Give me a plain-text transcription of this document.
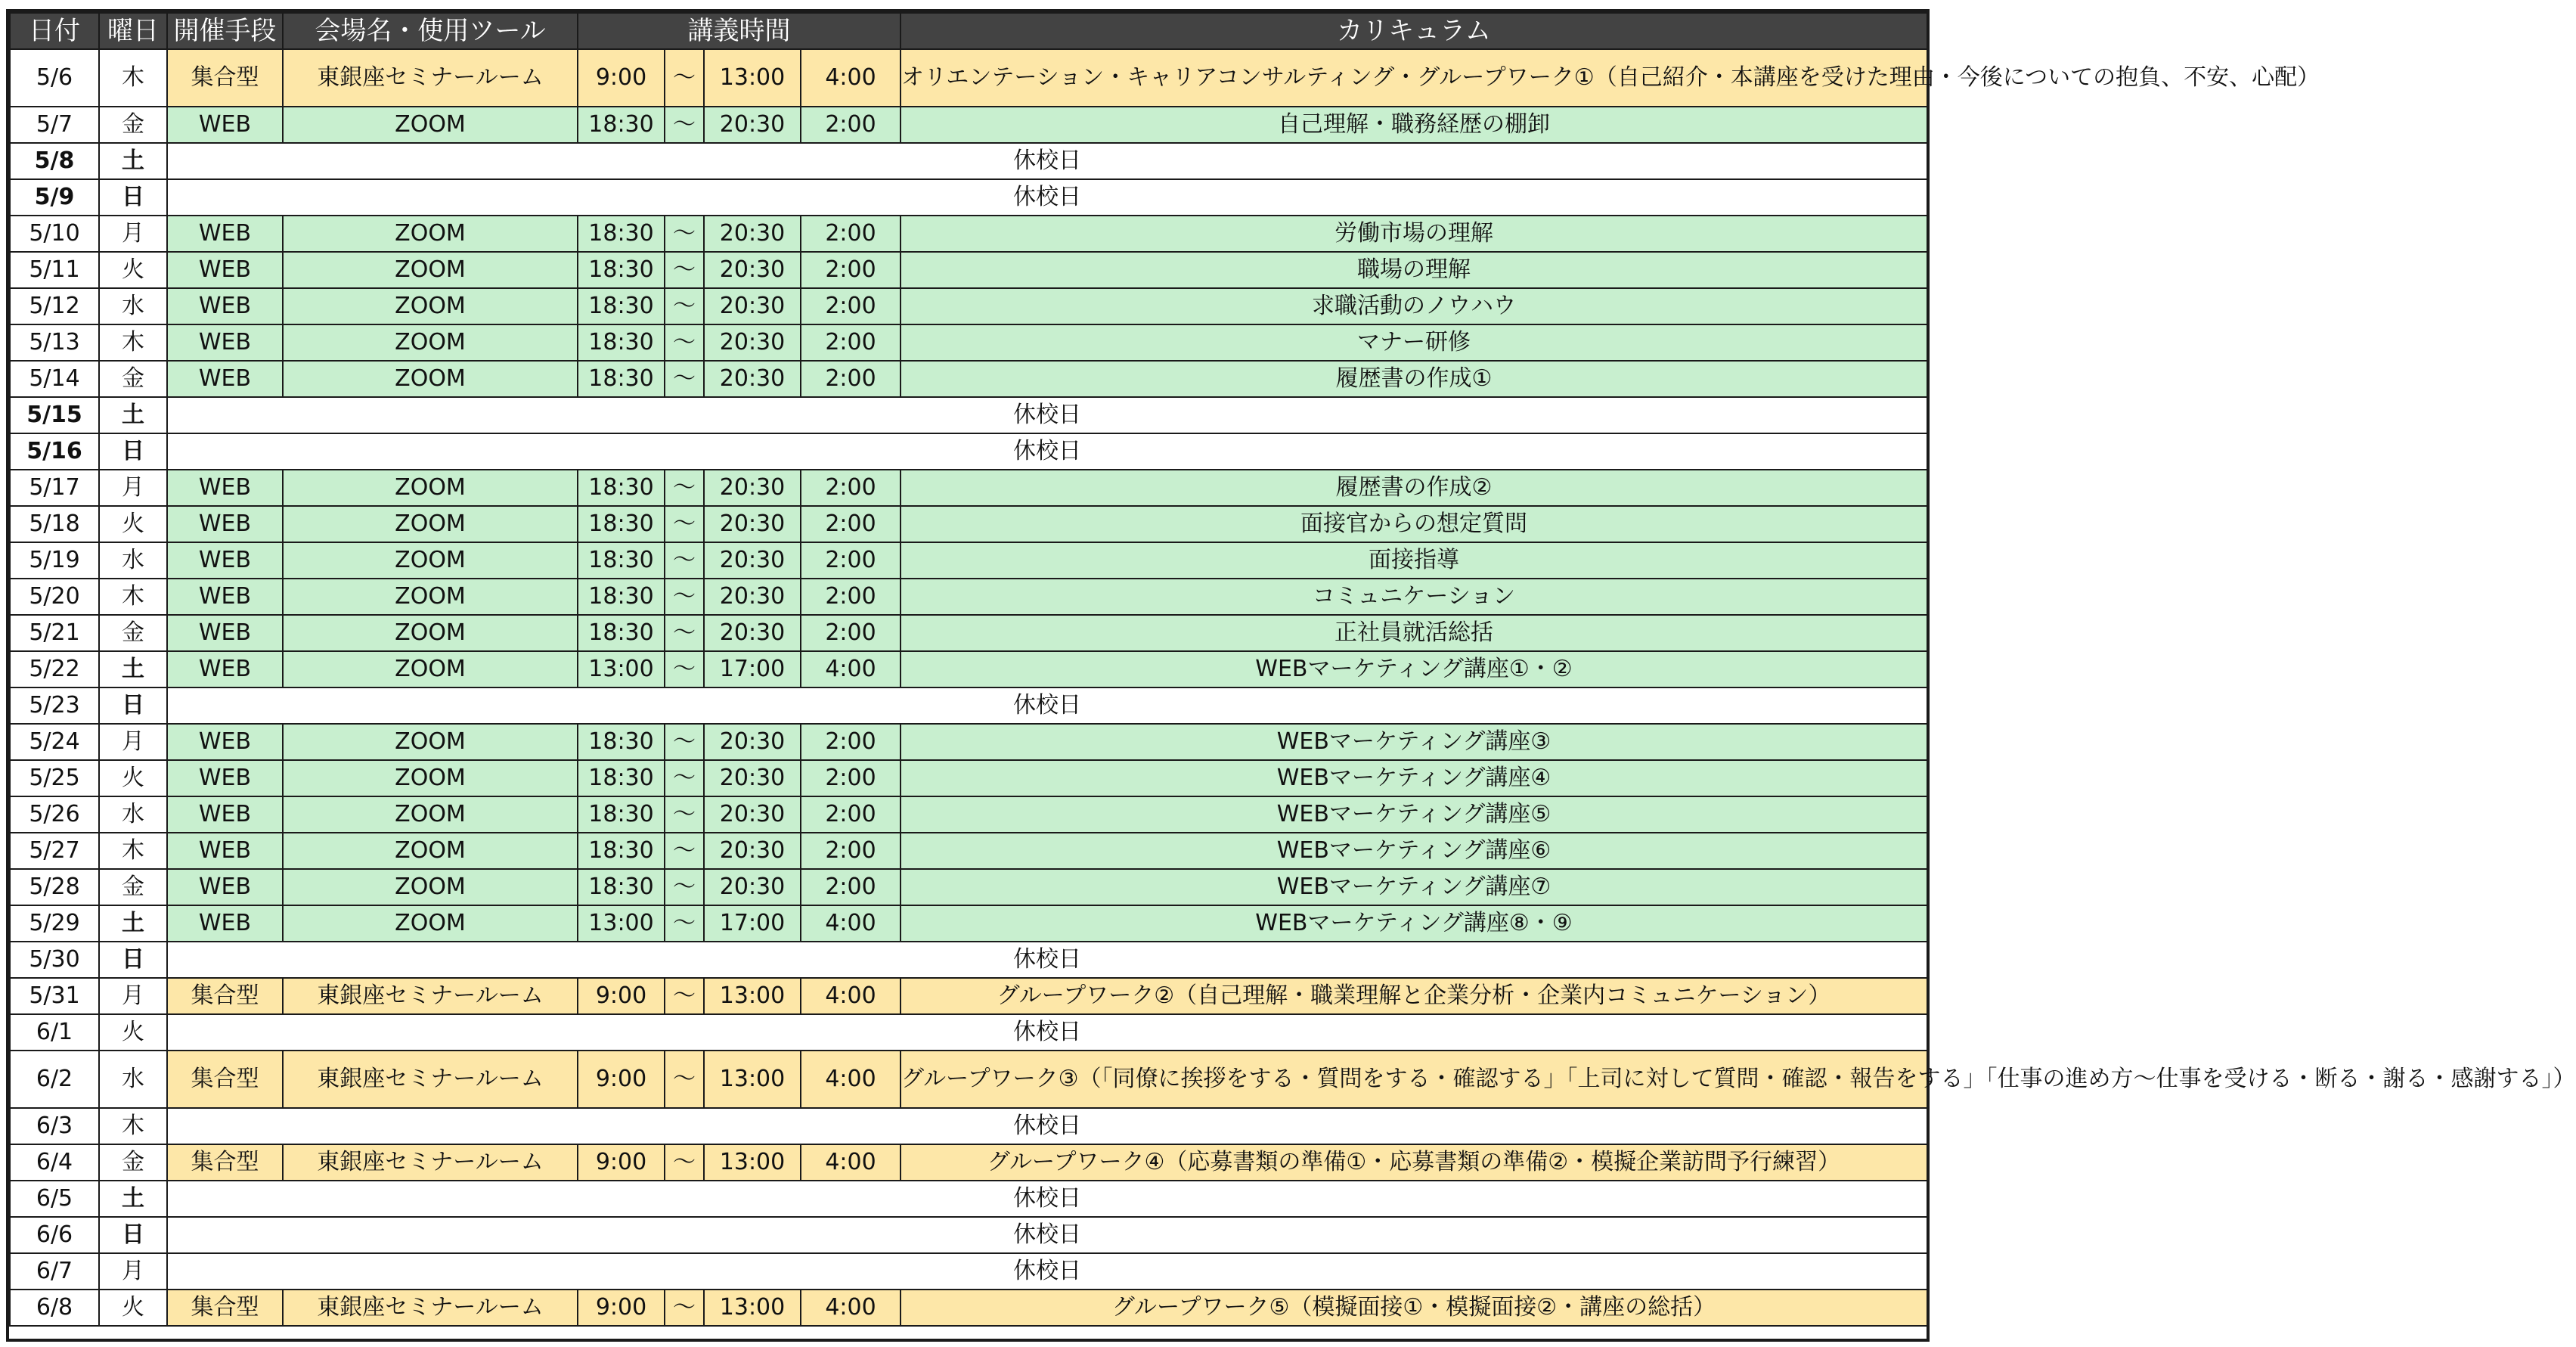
日付	曜日	開催手段	会場名・使用ツール	講義時間				カリキュラム
5/6	木	集合型	東銀座セミナールーム	9:00	～	13:00	4:00	オリエンテーション・キャリアコンサルティング・グループワーク①（自己紹介・本講座を受けた理由・今後についての抱負、不安、心配）
5/7	金	WEB	ZOOM	18:30	～	20:30	2:00	自己理解・職務経歴の棚卸
5/8	土	休校日						
5/9	日	休校日						
5/10	月	WEB	ZOOM	18:30	～	20:30	2:00	労働市場の理解
5/11	火	WEB	ZOOM	18:30	～	20:30	2:00	職場の理解
5/12	水	WEB	ZOOM	18:30	～	20:30	2:00	求職活動のノウハウ
5/13	木	WEB	ZOOM	18:30	～	20:30	2:00	マナー研修
5/14	金	WEB	ZOOM	18:30	～	20:30	2:00	履歴書の作成①
5/15	土	休校日						
5/16	日	休校日						
5/17	月	WEB	ZOOM	18:30	～	20:30	2:00	履歴書の作成②
5/18	火	WEB	ZOOM	18:30	～	20:30	2:00	面接官からの想定質問
5/19	水	WEB	ZOOM	18:30	～	20:30	2:00	面接指導
5/20	木	WEB	ZOOM	18:30	～	20:30	2:00	コミュニケーション
5/21	金	WEB	ZOOM	18:30	～	20:30	2:00	正社員就活総括
5/22	土	WEB	ZOOM	13:00	～	17:00	4:00	WEBマーケティング講座①・②
5/23	日	休校日						
5/24	月	WEB	ZOOM	18:30	～	20:30	2:00	WEBマーケティング講座③
5/25	火	WEB	ZOOM	18:30	～	20:30	2:00	WEBマーケティング講座④
5/26	水	WEB	ZOOM	18:30	～	20:30	2:00	WEBマーケティング講座⑤
5/27	木	WEB	ZOOM	18:30	～	20:30	2:00	WEBマーケティング講座⑥
5/28	金	WEB	ZOOM	18:30	～	20:30	2:00	WEBマーケティング講座⑦
5/29	土	WEB	ZOOM	13:00	～	17:00	4:00	WEBマーケティング講座⑧・⑨
5/30	日	休校日						
5/31	月	集合型	東銀座セミナールーム	9:00	～	13:00	4:00	グループワーク②（自己理解・職業理解と企業分析・企業内コミュニケーション）
6/1	火	休校日						
6/2	水	集合型	東銀座セミナールーム	9:00	～	13:00	4:00	グループワーク③（「同僚に挨拶をする・質問をする・確認する」「上司に対して質問・確認・報告をする」「仕事の進め方～仕事を受ける・断る・謝る・感謝する」）
6/3	木	休校日						
6/4	金	集合型	東銀座セミナールーム	9:00	～	13:00	4:00	グループワーク④（応募書類の準備①・応募書類の準備②・模擬企業訪問予行練習）
6/5	土	休校日						
6/6	日	休校日						
6/7	月	休校日						
6/8	火	集合型	東銀座セミナールーム	9:00	～	13:00	4:00	グループワーク⑤（模擬面接①・模擬面接②・講座の総括）
